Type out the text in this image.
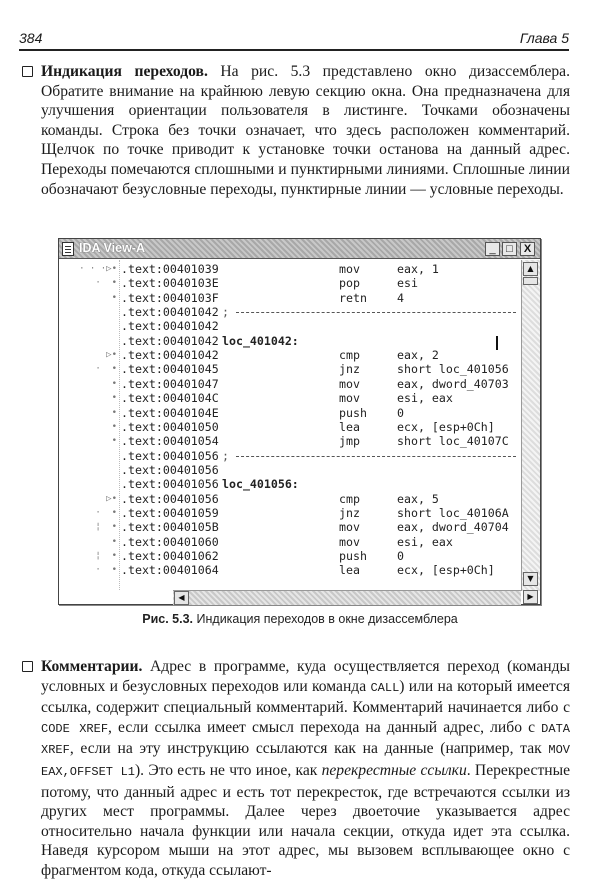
384	Глава 5
Индикация переходов. На рис. 5.3 представлено окно дизассемблера. Обратите внимание на крайнюю левую секцию окна. Она предназначена для улучшения ориентации пользователя в листинге. Точками обозначены команды. Строка без точки означает, что здесь расположен комментарий. Щелчок по точке приводит к установке точки останова на данный адрес. Переходы помечаются сплошными и пунктирными линиями. Сплошные линии обозначают безусловные переходы, пунктирные линии — условные переходы.
IDA View-A	_ □	X
· · ·▷• .text:00401039	mov	eax, 1
·  • .text:0040103E	pop	esi
• .text:0040103F	retn	4
.text:00401042 ;
.text:00401042
.text:00401042 loc_401042:
▷• .text:00401042	cmp	eax, 2
·  • .text:00401045	jnz	short loc_401056
• .text:00401047	mov	eax, dword_40703
• .text:0040104C	mov	esi, eax
• .text:0040104E	push	0
• .text:00401050	lea	ecx, [esp+0Ch]
• .text:00401054	jmp	short loc_40107C
.text:00401056 ;
.text:00401056
.text:00401056 loc_401056:
▷• .text:00401056	cmp	eax, 5
·  • .text:00401059	jnz	short loc_40106A
¦  • .text:0040105B	mov	eax, dword_40704
• .text:00401060	mov	esi, eax
¦  • .text:00401062	push	0
·  • .text:00401064	lea	ecx, [esp+0Ch]
▲
▼
◀	▶
Рис. 5.3. Индикация переходов в окне дизассемблера
Комментарии. Адрес в программе, куда осуществляется переход (команды условных и безусловных переходов или команда CALL) или на который имеется ссылка, содержит специальный комментарий. Комментарий начинается либо с CODE XREF, если ссылка имеет смысл перехода на данный адрес, либо с DATA XREF, если на эту инструкцию ссылаются как на данные (например, так MOV EAX,OFFSET L1). Это есть не что иное, как перекрестные ссылки. Перекрестные потому, что данный адрес и есть тот перекресток, где встречаются ссылки из других мест программы. Далее через двоеточие указывается адрес относительно начала функции или начала секции, откуда идет эта ссылка. Наведя курсором мыши на этот адрес, мы вызовем всплывающее окно с фрагментом кода, откуда ссылают-
